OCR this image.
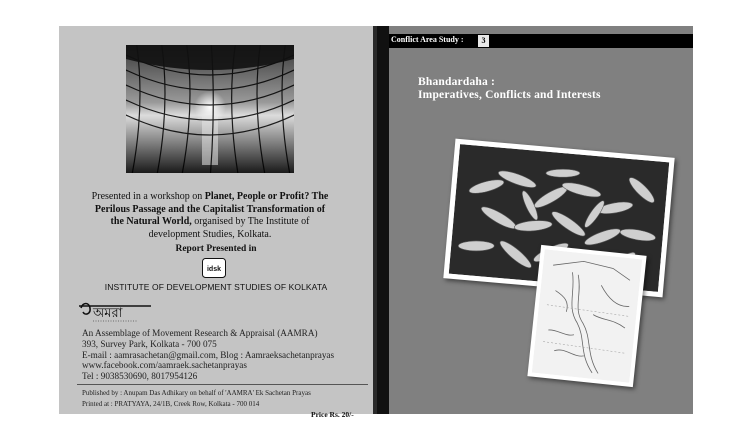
Presented in a workshop on Planet, People or Profit? The
Perilous Passage and the Capitalist Transformation of
the Natural World, organised by The Institute of
development Studies, Kolkata.
Report Presented in
idsk
INSTITUTE OF DEVELOPMENT STUDIES OF KOLKATA
অমরা
An Assemblage of Movement Research & Appraisal (AAMRA)
393, Survey Park, Kolkata - 700 075
E-mail : aamrasachetan@gmail.com, Blog : Aamraeksachetanprayas
www.facebook.com/aamraek.sachetanprayas
Tel : 9038530690, 8017954126
Published by : Anupam Das Adhikary on behalf of 'AAMRA' Ek Sachetan Prayas
Printed at : PRATYAYA, 24/1B, Creek Row, Kolkata - 700 014
Price Rs. 20/-
Conflict Area Study :	3
Bhandardaha :
Imperatives, Conflicts and Interests
